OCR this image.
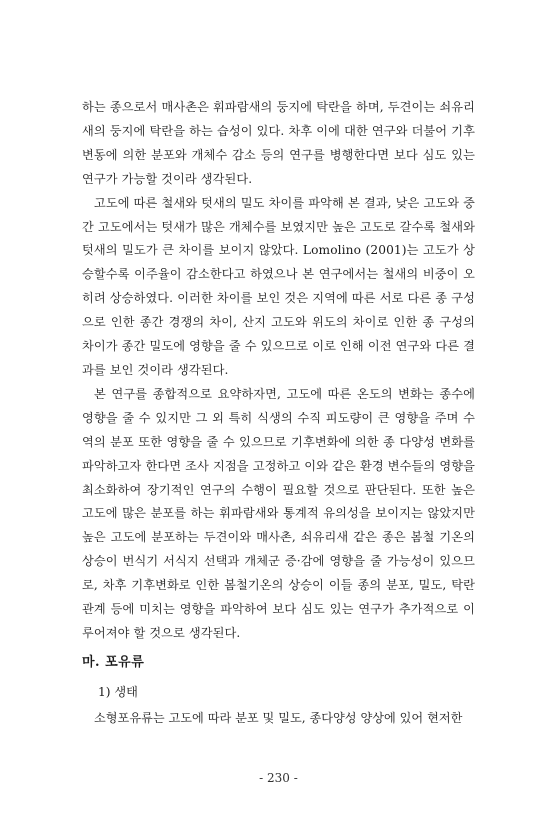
하는 종으로서 매사촌은 휘파람새의 둥지에 탁란을 하며, 두견이는 쇠유리새의 둥지에 탁란을 하는 습성이 있다. 차후 이에 대한 연구와 더불어 기후변동에 의한 분포와 개체수 감소 등의 연구를 병행한다면 보다 심도 있는 연구가 가능할 것이라 생각된다.

고도에 따른 철새와 텃새의 밀도 차이를 파악해 본 결과, 낮은 고도와 중간 고도에서는 텃새가 많은 개체수를 보였지만 높은 고도로 갈수록 철새와 텃새의 밀도가 큰 차이를 보이지 않았다. Lomolino (2001)는 고도가 상승할수록 이주율이 감소한다고 하였으나 본 연구에서는 철새의 비중이 오히려 상승하였다. 이러한 차이를 보인 것은 지역에 따른 서로 다른 종 구성으로 인한 종간 경쟁의 차이, 산지 고도와 위도의 차이로 인한 종 구성의 차이가 종간 밀도에 영향을 줄 수 있으므로 이로 인해 이전 연구와 다른 결과를 보인 것이라 생각된다.

본 연구를 종합적으로 요약하자면, 고도에 따른 온도의 변화는 종수에 영향을 줄 수 있지만 그 외 특히 식생의 수직 피도량이 큰 영향을 주며 수역의 분포 또한 영향을 줄 수 있으므로 기후변화에 의한 종 다양성 변화를 파악하고자 한다면 조사 지점을 고정하고 이와 같은 환경 변수들의 영향을 최소화하여 장기적인 연구의 수행이 필요할 것으로 판단된다. 또한 높은 고도에 많은 분포를 하는 휘파람새와 통계적 유의성을 보이지는 않았지만 높은 고도에 분포하는 두견이와 매사촌, 쇠유리새 같은 종은 봄철 기온의 상승이 번식기 서식지 선택과 개체군 증·감에 영향을 줄 가능성이 있으므로, 차후 기후변화로 인한 봄철기온의 상승이 이들 종의 분포, 밀도, 탁란 관계 등에 미치는 영향을 파악하여 보다 심도 있는 연구가 추가적으로 이루어져야 할 것으로 생각된다.

마. 포유류
1) 생태
소형포유류는 고도에 따라 분포 및 밀도, 종다양성 양상에 있어 현저한
- 230 -
